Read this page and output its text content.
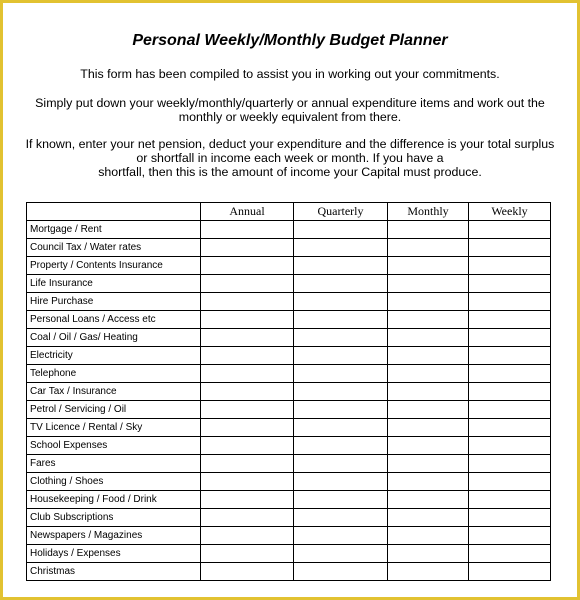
Personal Weekly/Monthly Budget Planner
This form has been compiled to assist you in working out your commitments.
Simply put down your weekly/monthly/quarterly or annual expenditure items and work out the
monthly or weekly equivalent from there.
If known, enter your net pension, deduct your expenditure and the difference is your total surplus
or shortfall in income each week or month. If you have a
shortfall, then this is the amount of income your Capital must produce.
	Annual	Quarterly	Monthly	Weekly
Mortgage / Rent				
Council Tax / Water rates				
Property / Contents Insurance				
Life Insurance				
Hire Purchase				
Personal Loans / Access etc				
Coal / Oil / Gas/ Heating				
Electricity				
Telephone				
Car Tax / Insurance				
Petrol / Servicing / Oil				
TV Licence / Rental / Sky				
School Expenses				
Fares				
Clothing / Shoes				
Housekeeping / Food / Drink				
Club Subscriptions				
Newspapers / Magazines				
Holidays / Expenses				
Christmas				
